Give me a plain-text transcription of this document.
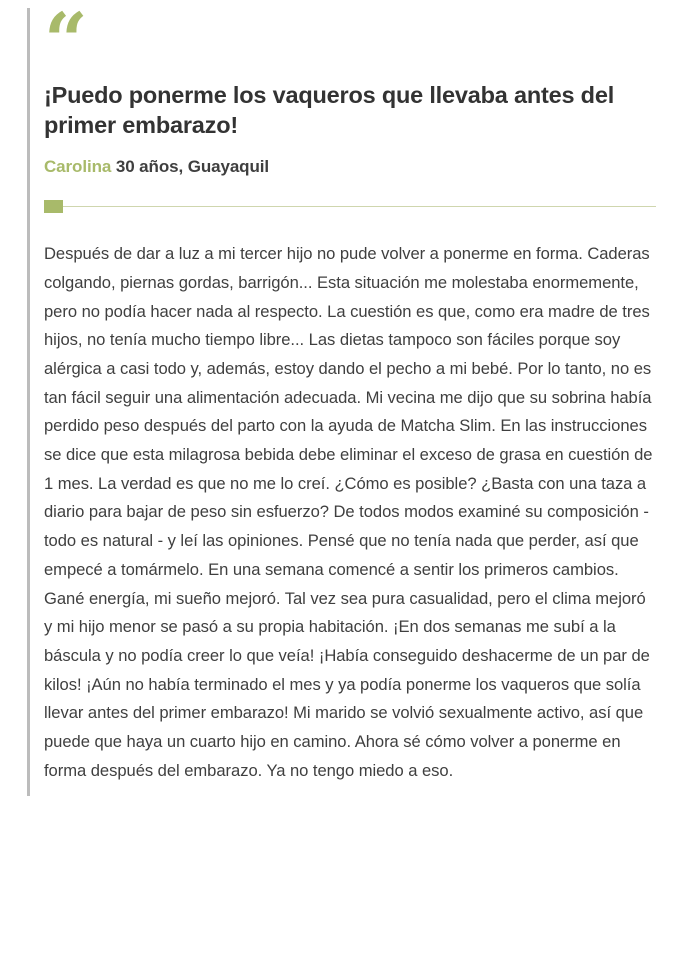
“
¡Puedo ponerme los vaqueros que llevaba antes del primer embarazo!
Carolina 30 años, Guayaquil

Después de dar a luz a mi tercer hijo no pude volver a ponerme en forma. Caderas colgando, piernas gordas, barrigón... Esta situación me molestaba enormemente, pero no podía hacer nada al respecto. La cuestión es que, como era madre de tres hijos, no tenía mucho tiempo libre... Las dietas tampoco son fáciles porque soy alérgica a casi todo y, además, estoy dando el pecho a mi bebé. Por lo tanto, no es tan fácil seguir una alimentación adecuada. Mi vecina me dijo que su sobrina había perdido peso después del parto con la ayuda de Matcha Slim. En las instrucciones se dice que esta milagrosa bebida debe eliminar el exceso de grasa en cuestión de 1 mes. La verdad es que no me lo creí. ¿Cómo es posible? ¿Basta con una taza a diario para bajar de peso sin esfuerzo? De todos modos examiné su composición - todo es natural - y leí las opiniones. Pensé que no tenía nada que perder, así que empecé a tomármelo. En una semana comencé a sentir los primeros cambios. Gané energía, mi sueño mejoró. Tal vez sea pura casualidad, pero el clima mejoró y mi hijo menor se pasó a su propia habitación. ¡En dos semanas me subí a la báscula y no podía creer lo que veía! ¡Había conseguido deshacerme de un par de kilos! ¡Aún no había terminado el mes y ya podía ponerme los vaqueros que solía llevar antes del primer embarazo! Mi marido se volvió sexualmente activo, así que puede que haya un cuarto hijo en camino. Ahora sé cómo volver a ponerme en forma después del embarazo. Ya no tengo miedo a eso.
